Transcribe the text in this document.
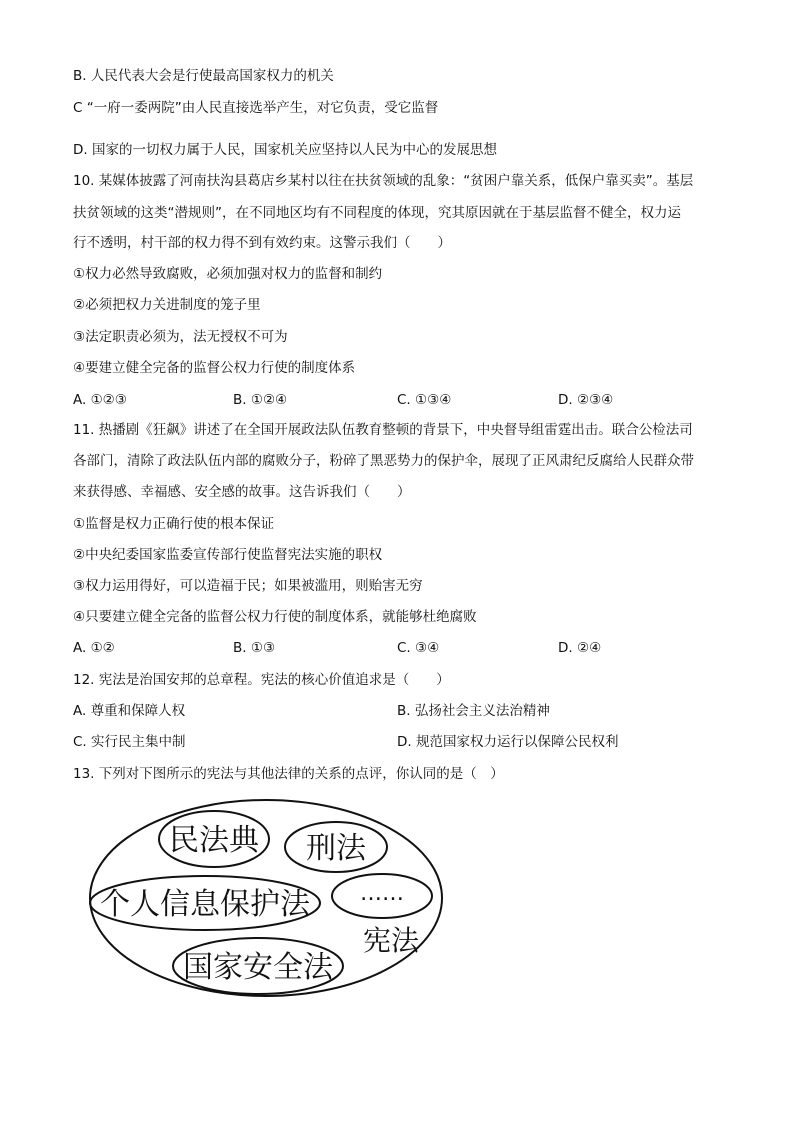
B. 人民代表大会是行使最高国家权力的机关
C “一府一委两院”由人民直接选举产生，对它负责，受它监督
D. 国家的一切权力属于人民，国家机关应坚持以人民为中心的发展思想
10. 某媒体披露了河南扶沟县葛店乡某村以往在扶贫领域的乱象：“贫困户靠关系，低保户靠买卖”。基层
扶贫领域的这类“潜规则”，在不同地区均有不同程度的体现，究其原因就在于基层监督不健全，权力运
行不透明，村干部的权力得不到有效约束。这警示我们（　　）
①权力必然导致腐败，必须加强对权力的监督和制约
②必须把权力关进制度的笼子里
③法定职责必须为，法无授权不可为
④要建立健全完备的监督公权力行使的制度体系
A. ①②③	B. ①②④	C. ①③④	D. ②③④
11. 热播剧《狂飙》讲述了在全国开展政法队伍教育整顿的背景下，中央督导组雷霆出击。联合公检法司
各部门，清除了政法队伍内部的腐败分子，粉碎了黑恶势力的保护伞，展现了正风肃纪反腐给人民群众带
来获得感、幸福感、安全感的故事。这告诉我们（　　）
①监督是权力正确行使的根本保证
②中央纪委国家监委宣传部行使监督宪法实施的职权
③权力运用得好，可以造福于民；如果被滥用，则贻害无穷
④只要建立健全完备的监督公权力行使的制度体系，就能够杜绝腐败
A. ①②	B. ①③	C. ③④	D. ②④
12. 宪法是治国安邦的总章程。宪法的核心价值追求是（　　）
A. 尊重和保障人权	B. 弘扬社会主义法治精神
C. 实行民主集中制	D. 规范国家权力运行以保障公民权利
13. 下列对下图所示的宪法与其他法律的关系的点评，你认同的是（　）
民法典 刑法
个人信息保护法 ……
宪法
国家安全法
